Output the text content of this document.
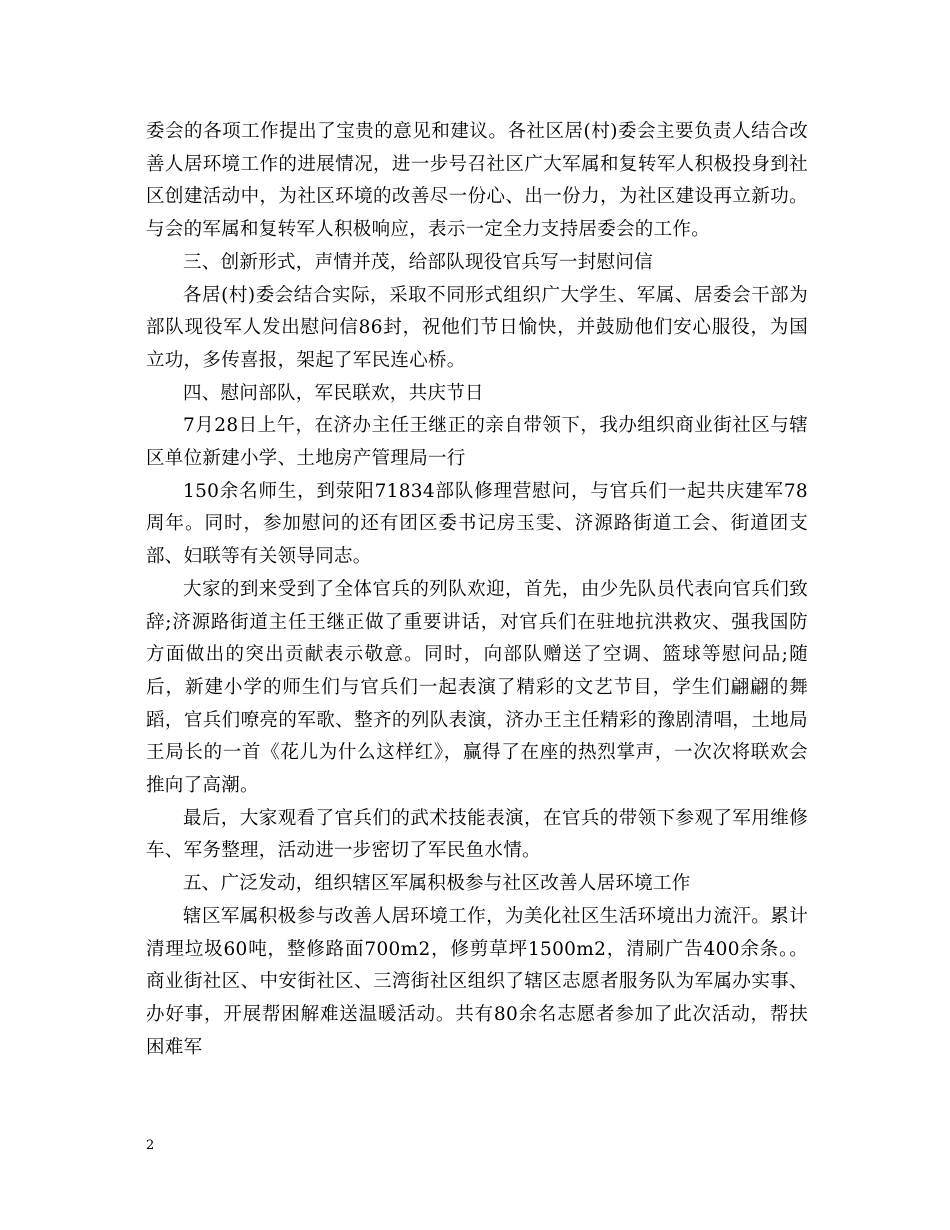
委会的各项工作提出了宝贵的意见和建议。各社区居(村)委会主要负责人结合改善人居环境工作的进展情况，进一步号召社区广大军属和复转军人积极投身到社区创建活动中，为社区环境的改善尽一份心、出一份力，为社区建设再立新功。与会的军属和复转军人积极响应，表示一定全力支持居委会的工作。

三、创新形式，声情并茂，给部队现役官兵写一封慰问信

各居(村)委会结合实际，采取不同形式组织广大学生、军属、居委会干部为部队现役军人发出慰问信86封，祝他们节日愉快，并鼓励他们安心服役，为国立功，多传喜报，架起了军民连心桥。

四、慰问部队，军民联欢，共庆节日

7月28日上午，在济办主任王继正的亲自带领下，我办组织商业街社区与辖区单位新建小学、土地房产管理局一行

150余名师生，到荥阳71834部队修理营慰问，与官兵们一起共庆建军78周年。同时，参加慰问的还有团区委书记房玉雯、济源路街道工会、街道团支部、妇联等有关领导同志。

大家的到来受到了全体官兵的列队欢迎，首先，由少先队员代表向官兵们致辞;济源路街道主任王继正做了重要讲话，对官兵们在驻地抗洪救灾、强我国防方面做出的突出贡献表示敬意。同时，向部队赠送了空调、篮球等慰问品;随后，新建小学的师生们与官兵们一起表演了精彩的文艺节目，学生们翩翩的舞蹈，官兵们嘹亮的军歌、整齐的列队表演，济办王主任精彩的豫剧清唱，土地局王局长的一首《花儿为什么这样红》，赢得了在座的热烈掌声，一次次将联欢会推向了高潮。

最后，大家观看了官兵们的武术技能表演，在官兵的带领下参观了军用维修车、军务整理，活动进一步密切了军民鱼水情。

五、广泛发动，组织辖区军属积极参与社区改善人居环境工作

辖区军属积极参与改善人居环境工作，为美化社区生活环境出力流汗。累计清理垃圾60吨，整修路面700m2，修剪草坪1500m2，清刷广告400余条。。商业街社区、中安街社区、三湾街社区组织了辖区志愿者服务队为军属办实事、办好事，开展帮困解难送温暖活动。共有80余名志愿者参加了此次活动，帮扶困难军

2
